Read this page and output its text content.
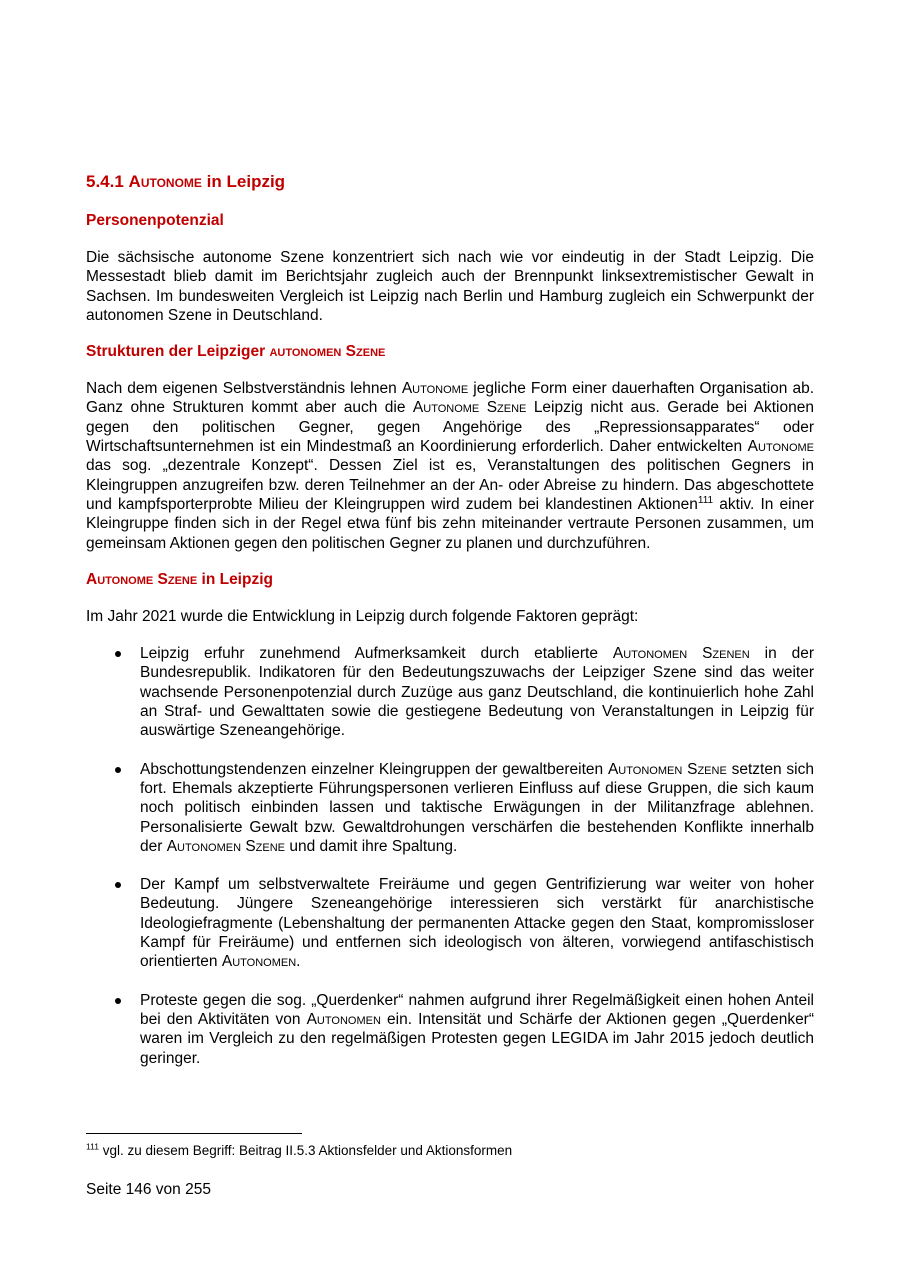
5.4.1 Autonome in Leipzig
Personenpotenzial

Die sächsische autonome Szene konzentriert sich nach wie vor eindeutig in der Stadt Leipzig. Die Messestadt blieb damit im Berichtsjahr zugleich auch der Brennpunkt linksextremistischer Gewalt in Sachsen. Im bundesweiten Vergleich ist Leipzig nach Berlin und Hamburg zugleich ein Schwerpunkt der autonomen Szene in Deutschland.

Strukturen der Leipziger autonomen Szene

Nach dem eigenen Selbstverständnis lehnen Autonome jegliche Form einer dauerhaften Organisation ab. Ganz ohne Strukturen kommt aber auch die Autonome Szene Leipzig nicht aus. Gerade bei Aktionen gegen den politischen Gegner, gegen Angehörige des „Repressionsapparates“ oder Wirtschaftsunternehmen ist ein Mindestmaß an Koordinierung erforderlich. Daher entwickelten Autonome das sog. „dezentrale Konzept“. Dessen Ziel ist es, Veranstaltungen des politischen Gegners in Kleingruppen anzugreifen bzw. deren Teilnehmer an der An- oder Abreise zu hindern. Das abgeschottete und kampfsporterprobte Milieu der Kleingruppen wird zudem bei klandestinen Aktionen$^{111}$ aktiv. In einer Kleingruppe finden sich in der Regel etwa fünf bis zehn miteinander vertraute Personen zusammen, um gemeinsam Aktionen gegen den politischen Gegner zu planen und durchzuführen.

Autonome Szene in Leipzig

Im Jahr 2021 wurde die Entwicklung in Leipzig durch folgende Faktoren geprägt:

Leipzig erfuhr zunehmend Aufmerksamkeit durch etablierte Autonomen Szenen in der Bundesrepublik. Indikatoren für den Bedeutungszuwachs der Leipziger Szene sind das weiter wachsende Personenpotenzial durch Zuzüge aus ganz Deutschland, die kontinuierlich hohe Zahl an Straf- und Gewalttaten sowie die gestiegene Bedeutung von Veranstaltungen in Leipzig für auswärtige Szeneangehörige.

Abschottungstendenzen einzelner Kleingruppen der gewaltbereiten Autonomen Szene setzten sich fort. Ehemals akzeptierte Führungspersonen verlieren Einfluss auf diese Gruppen, die sich kaum noch politisch einbinden lassen und taktische Erwägungen in der Militanzfrage ablehnen. Personalisierte Gewalt bzw. Gewaltdrohungen verschärfen die bestehenden Konflikte innerhalb der Autonomen Szene und damit ihre Spaltung.

Der Kampf um selbstverwaltete Freiräume und gegen Gentrifizierung war weiter von hoher Bedeutung. Jüngere Szeneangehörige interessieren sich verstärkt für anarchistische Ideologiefragmente (Lebenshaltung der permanenten Attacke gegen den Staat, kompromissloser Kampf für Freiräume) und entfernen sich ideologisch von älteren, vorwiegend antifaschistisch orientierten Autonomen.

Proteste gegen die sog. „Querdenker“ nahmen aufgrund ihrer Regelmäßigkeit einen hohen Anteil bei den Aktivitäten von Autonomen ein. Intensität und Schärfe der Aktionen gegen „Querdenker“ waren im Vergleich zu den regelmäßigen Protesten gegen LEGIDA im Jahr 2015 jedoch deutlich geringer.

$^{111}$ vgl. zu diesem Begriff: Beitrag II.5.3 Aktionsfelder und Aktionsformen
Seite 146 von 255
